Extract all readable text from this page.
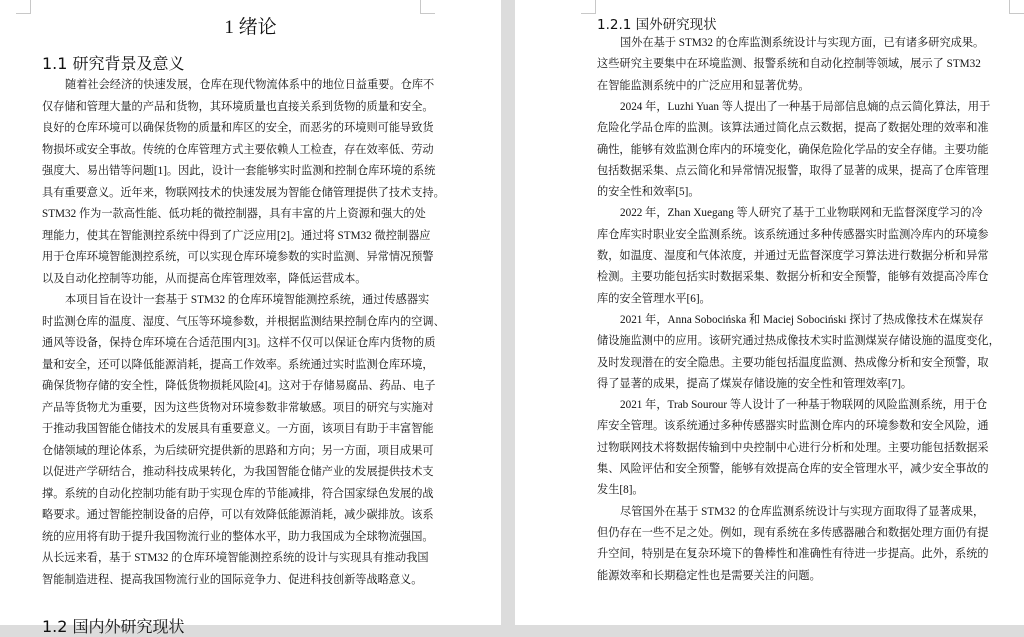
1 绪论
1.1 研究背景及意义
随着社会经济的快速发展，仓库在现代物流体系中的地位日益重要。仓库不
仅存储和管理大量的产品和货物，其环境质量也直接关系到货物的质量和安全。
良好的仓库环境可以确保货物的质量和库区的安全，而恶劣的环境则可能导致货
物损坏或安全事故。传统的仓库管理方式主要依赖人工检查，存在效率低、劳动
强度大、易出错等问题[1]。因此，设计一套能够实时监测和控制仓库环境的系统
具有重要意义。近年来，物联网技术的快速发展为智能仓储管理提供了技术支持。
STM32 作为一款高性能、低功耗的微控制器，具有丰富的片上资源和强大的处
理能力，使其在智能测控系统中得到了广泛应用[2]。通过将 STM32 微控制器应
用于仓库环境智能测控系统，可以实现仓库环境参数的实时监测、异常情况预警
以及自动化控制等功能，从而提高仓库管理效率，降低运营成本。
本项目旨在设计一套基于 STM32 的仓库环境智能测控系统，通过传感器实
时监测仓库的温度、湿度、气压等环境参数，并根据监测结果控制仓库内的空调、
通风等设备，保持仓库环境在合适范围内[3]。这样不仅可以保证仓库内货物的质
量和安全，还可以降低能源消耗，提高工作效率。系统通过实时监测仓库环境，
确保货物存储的安全性，降低货物损耗风险[4]。这对于存储易腐品、药品、电子
产品等货物尤为重要，因为这些货物对环境参数非常敏感。项目的研究与实施对
于推动我国智能仓储技术的发展具有重要意义。一方面，该项目有助于丰富智能
仓储领域的理论体系，为后续研究提供新的思路和方向；另一方面，项目成果可
以促进产学研结合，推动科技成果转化，为我国智能仓储产业的发展提供技术支
撑。系统的自动化控制功能有助于实现仓库的节能减排，符合国家绿色发展的战
略要求。通过智能控制设备的启停，可以有效降低能源消耗，减少碳排放。该系
统的应用将有助于提升我国物流行业的整体水平，助力我国成为全球物流强国。
从长远来看，基于 STM32 的仓库环境智能测控系统的设计与实现具有推动我国
智能制造进程、提高我国物流行业的国际竞争力、促进科技创新等战略意义。
1.2 国内外研究现状
1.2.1 国外研究现状
国外在基于 STM32 的仓库监测系统设计与实现方面，已有诸多研究成果。
这些研究主要集中在环境监测、报警系统和自动化控制等领域，展示了 STM32
在智能监测系统中的广泛应用和显著优势。
2024 年，Luzhi Yuan 等人提出了一种基于局部信息熵的点云简化算法，用于
危险化学品仓库的监测。该算法通过简化点云数据，提高了数据处理的效率和准
确性，能够有效监测仓库内的环境变化，确保危险化学品的安全存储。主要功能
包括数据采集、点云简化和异常情况报警，取得了显著的成果，提高了仓库管理
的安全性和效率[5]。
2022 年，Zhan Xuegang 等人研究了基于工业物联网和无监督深度学习的冷
库仓库实时职业安全监测系统。该系统通过多种传感器实时监测冷库内的环境参
数，如温度、湿度和气体浓度，并通过无监督深度学习算法进行数据分析和异常
检测。主要功能包括实时数据采集、数据分析和安全预警，能够有效提高冷库仓
库的安全管理水平[6]。
2021 年，Anna Sobocińska 和 Maciej Sobociński 探讨了热成像技术在煤炭存
储设施监测中的应用。该研究通过热成像技术实时监测煤炭存储设施的温度变化，
及时发现潜在的安全隐患。主要功能包括温度监测、热成像分析和安全预警，取
得了显著的成果，提高了煤炭存储设施的安全性和管理效率[7]。
2021 年，Trab Sourour 等人设计了一种基于物联网的风险监测系统，用于仓
库安全管理。该系统通过多种传感器实时监测仓库内的环境参数和安全风险，通
过物联网技术将数据传输到中央控制中心进行分析和处理。主要功能包括数据采
集、风险评估和安全预警，能够有效提高仓库的安全管理水平，减少安全事故的
发生[8]。
尽管国外在基于 STM32 的仓库监测系统设计与实现方面取得了显著成果，
但仍存在一些不足之处。例如，现有系统在多传感器融合和数据处理方面仍有提
升空间，特别是在复杂环境下的鲁棒性和准确性有待进一步提高。此外，系统的
能源效率和长期稳定性也是需要关注的问题。
